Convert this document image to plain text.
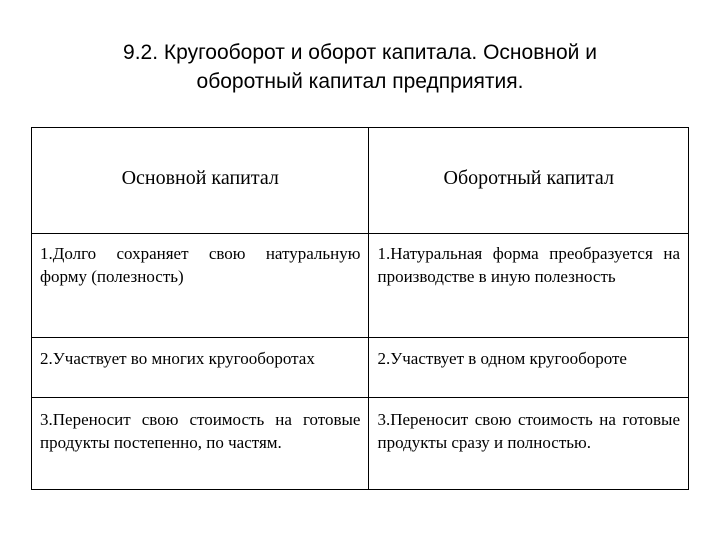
9.2. Кругооборот и оборот капитала. Основной и
оборотный капитал предприятия.
Основной капитал	Оборотный капитал
1.Долго сохраняет свою натуральную форму (полезность)	1.Натуральная форма преобразуется на производстве в иную полезность
2.Участвует во многих кругооборотах	2.Участвует в одном кругообороте
3.Переносит свою стоимость на готовые продукты постепенно, по частям.	3.Переносит свою стоимость на готовые продукты сразу и полностью.
